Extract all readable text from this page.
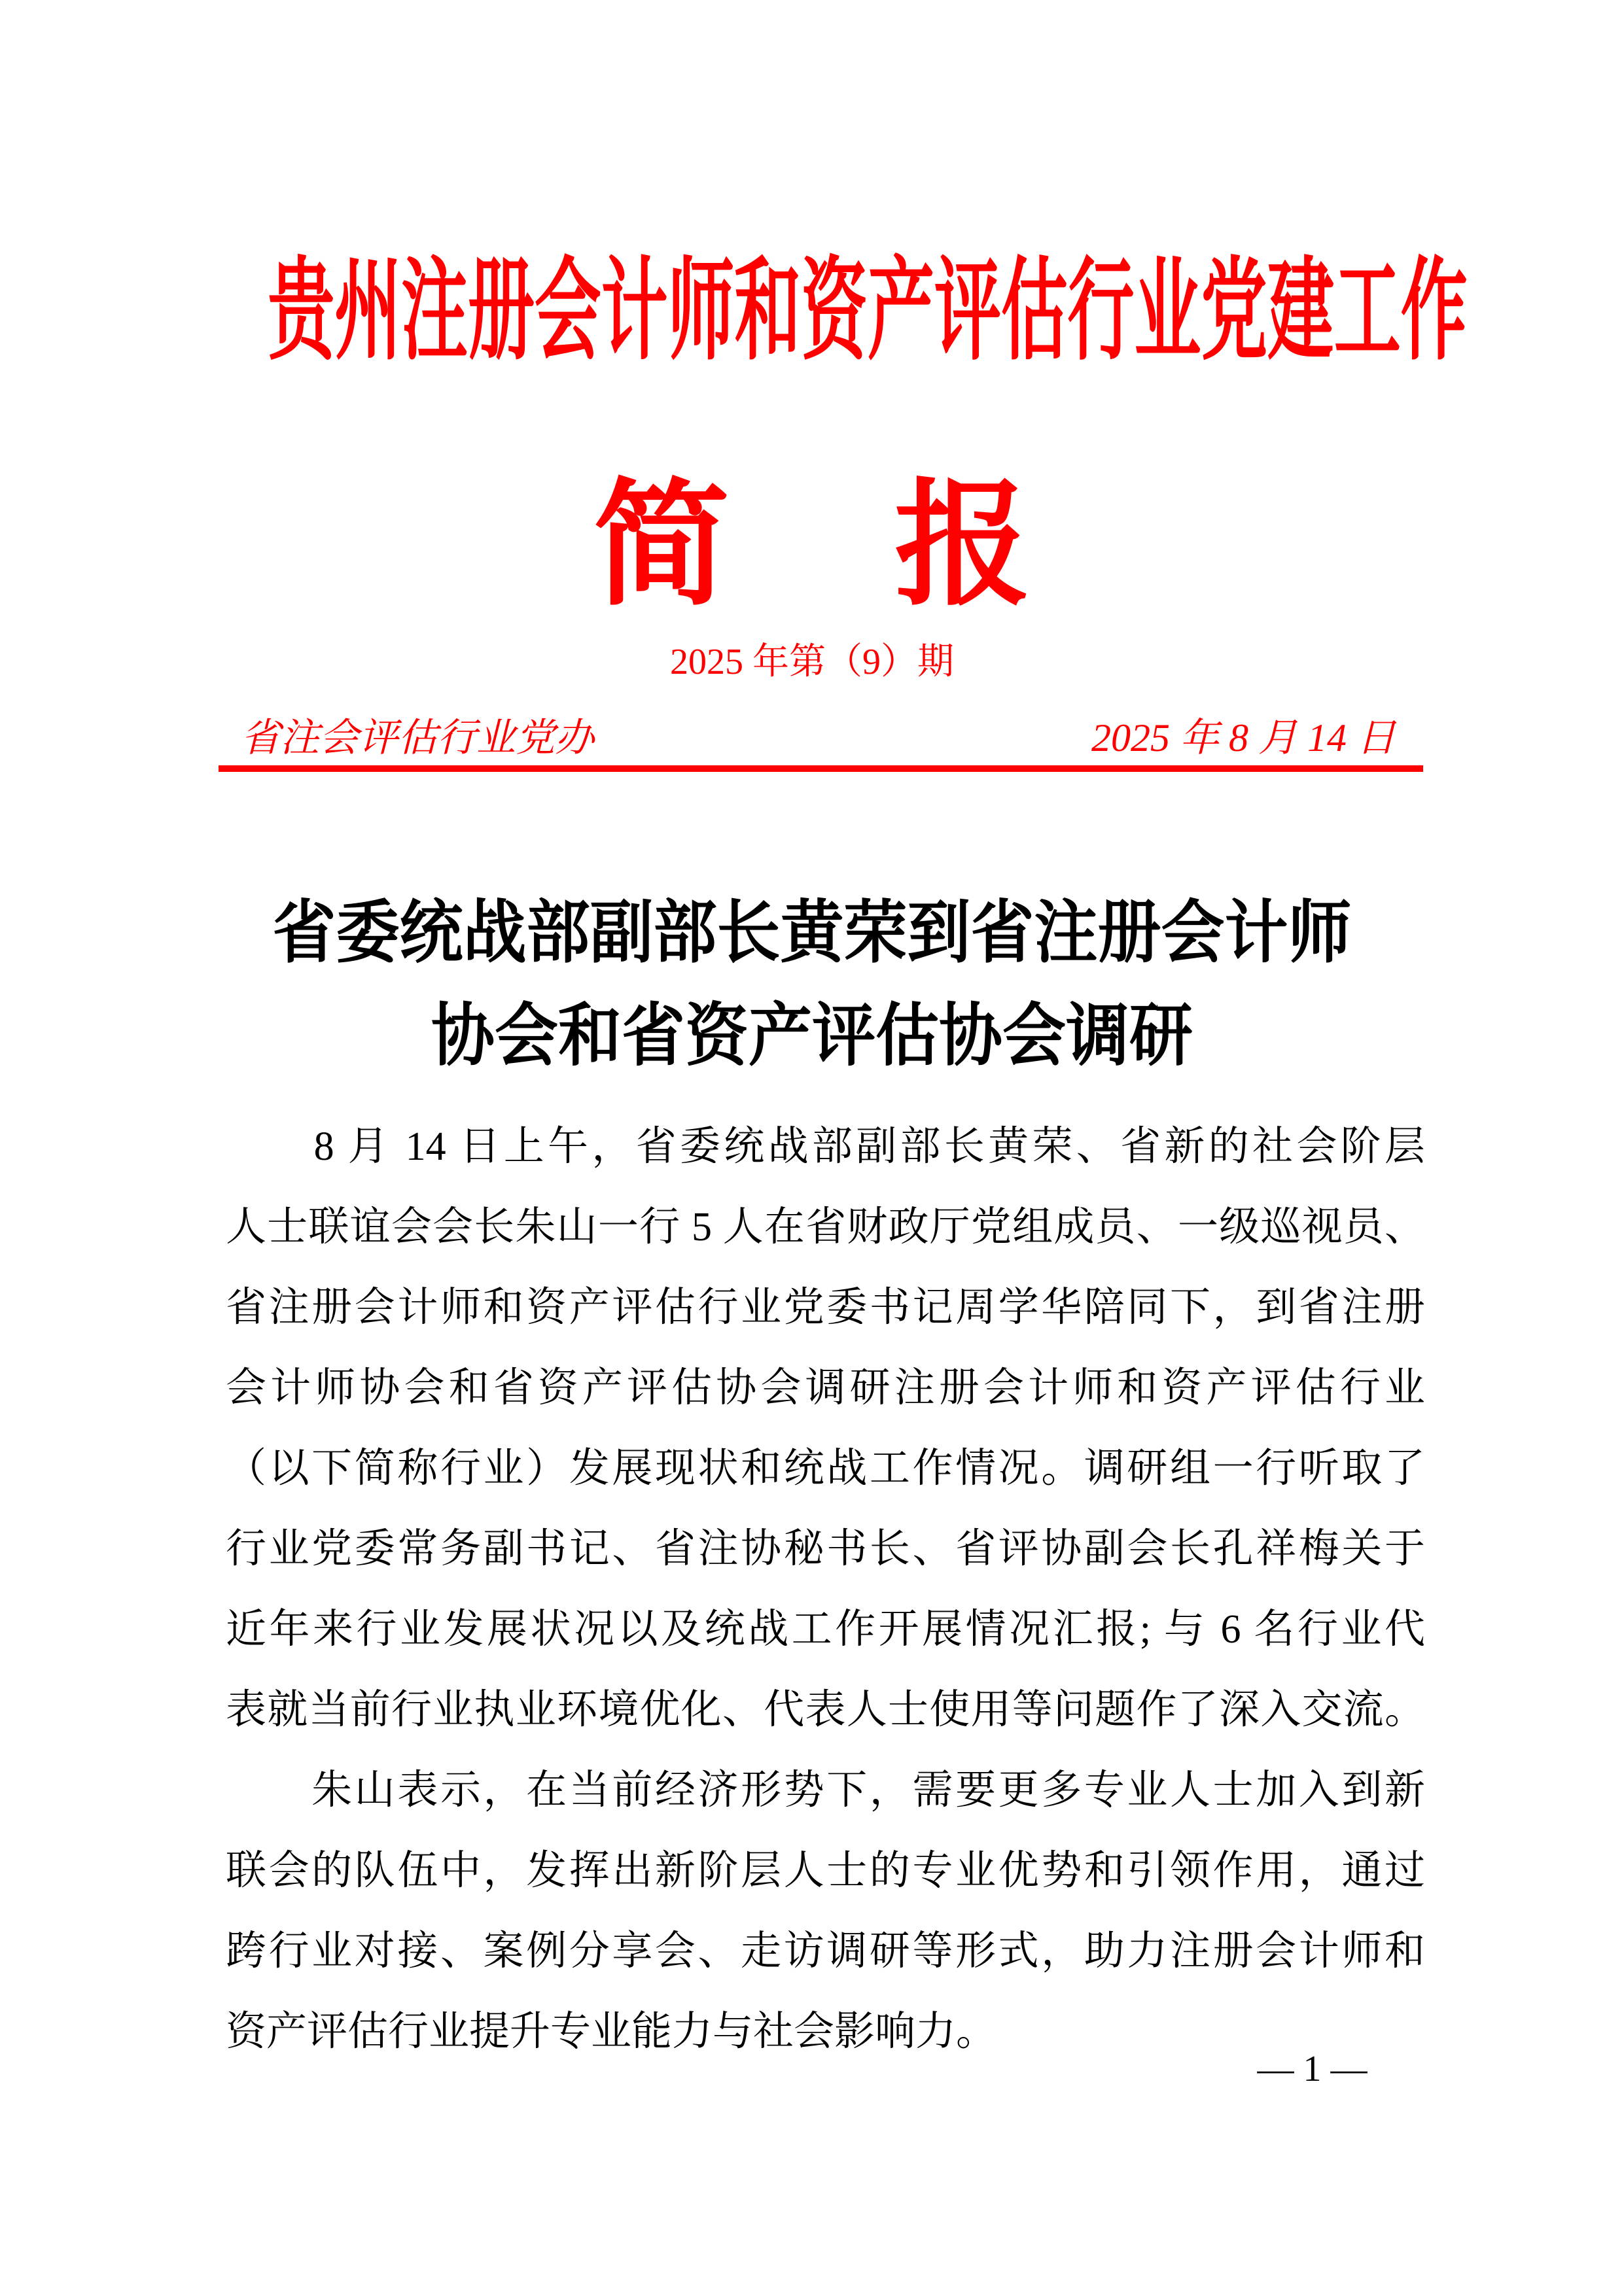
贵州注册会计师和资产评估行业党建工作
简 报
2025 年第（9）期
省注会评估行业党办	2025 年 8 月 14 日
省委统战部副部长黄荣到省注册会计师
协会和省资产评估协会调研
　　8 月 14 日上午，省委统战部副部长黄荣、省新的社会阶层
人士联谊会会长朱山一行 5 人在省财政厅党组成员、一级巡视员、
省注册会计师和资产评估行业党委书记周学华陪同下，到省注册
会计师协会和省资产评估协会调研注册会计师和资产评估行业
（以下简称行业）发展现状和统战工作情况。调研组一行听取了
行业党委常务副书记、省注协秘书长、省评协副会长孔祥梅关于
近年来行业发展状况以及统战工作开展情况汇报; 与 6 名行业代
表就当前行业执业环境优化、代表人士使用等问题作了深入交流。
　　朱山表示，在当前经济形势下，需要更多专业人士加入到新
联会的队伍中，发挥出新阶层人士的专业优势和引领作用，通过
跨行业对接、案例分享会、走访调研等形式，助力注册会计师和
资产评估行业提升专业能力与社会影响力。
— 1 —
